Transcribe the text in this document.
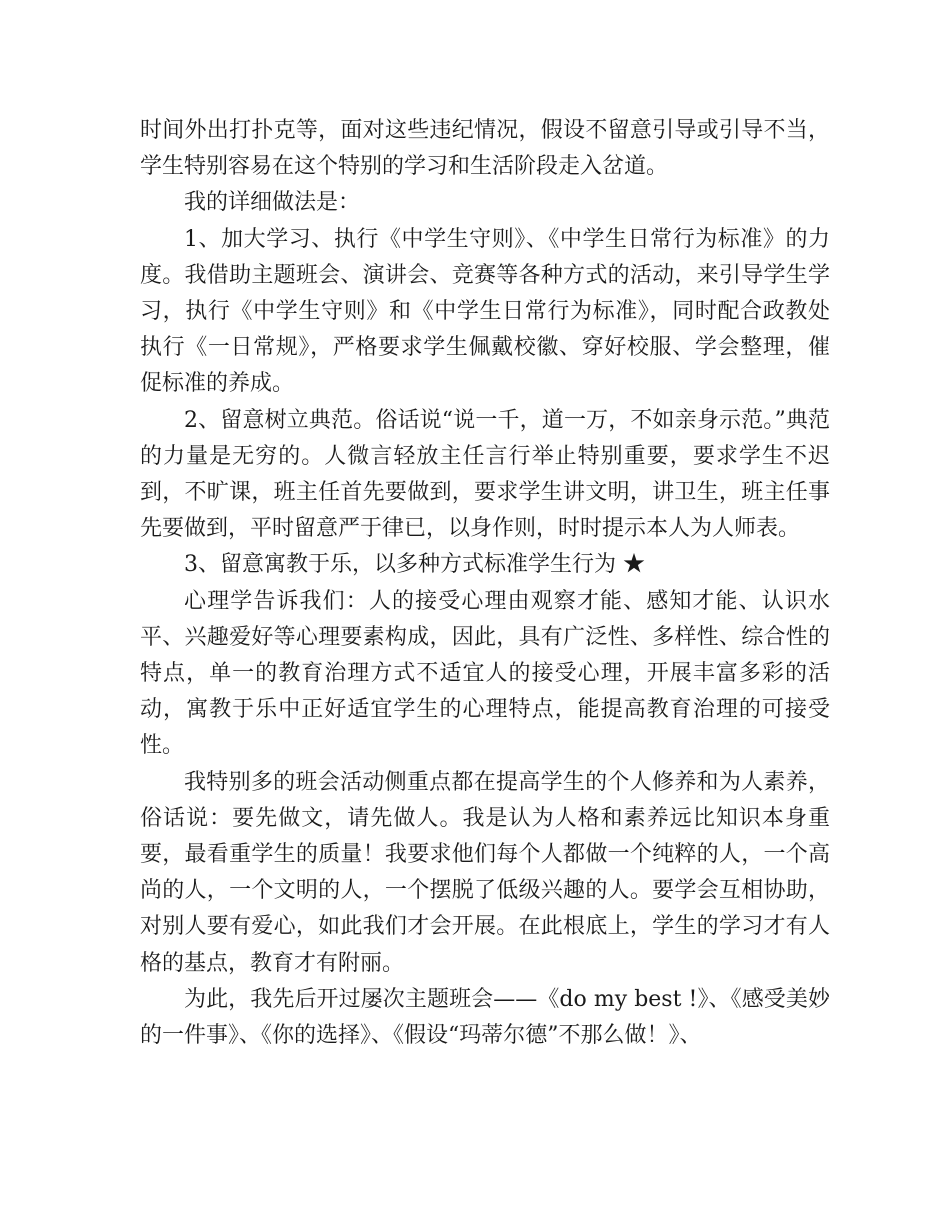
时间外出打扑克等，面对这些违纪情况，假设不留意引导或引导不当，学生特别容易在这个特别的学习和生活阶段走入岔道。

我的详细做法是：

1、加大学习、执行《中学生守则》、《中学生日常行为标准》的力度。我借助主题班会、演讲会、竞赛等各种方式的活动，来引导学生学习，执行《中学生守则》和《中学生日常行为标准》，同时配合政教处执行《一日常规》，严格要求学生佩戴校徽、穿好校服、学会整理，催促标准的养成。

2、留意树立典范。俗话说“说一千，道一万，不如亲身示范。”典范的力量是无穷的。人微言轻放主任言行举止特别重要，要求学生不迟到，不旷课，班主任首先要做到，要求学生讲文明，讲卫生，班主任事先要做到，平时留意严于律已，以身作则，时时提示本人为人师表。

3、留意寓教于乐，以多种方式标准学生行为 ★

心理学告诉我们：人的接受心理由观察才能、感知才能、认识水平、兴趣爱好等心理要素构成，因此，具有广泛性、多样性、综合性的特点，单一的教育治理方式不适宜人的接受心理，开展丰富多彩的活动，寓教于乐中正好适宜学生的心理特点，能提高教育治理的可接受性。

我特别多的班会活动侧重点都在提高学生的个人修养和为人素养，俗话说：要先做文，请先做人。我是认为人格和素养远比知识本身重要，最看重学生的质量！我要求他们每个人都做一个纯粹的人，一个高尚的人，一个文明的人，一个摆脱了低级兴趣的人。要学会互相协助，对别人要有爱心，如此我们才会开展。在此根底上，学生的学习才有人格的基点，教育才有附丽。

为此，我先后开过屡次主题班会——《do my best !》、《感受美妙的一件事》、《你的选择》、《假设“玛蒂尔德”不那么做！》、
